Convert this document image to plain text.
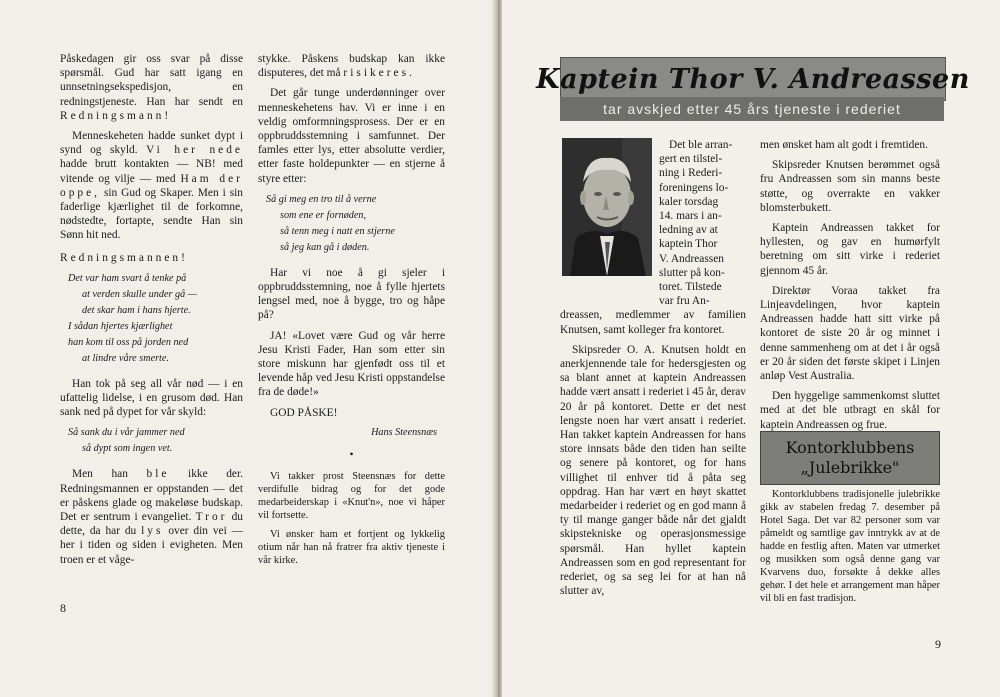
Påskedagen gir oss svar på disse spørsmål. Gud har satt igang en unnsetningsekspedisjon, en redningstjeneste. Han har sendt en Redningsmann!

Menneskeheten hadde sunket dypt i synd og skyld. Vi her nede hadde brutt kontakten — NB! med vitende og vilje — med Ham der oppe, sin Gud og Skaper. Men i sin faderlige kjærlighet til de forkomne, nødstedte, fortapte, sendte Han sin Sønn hit ned.

Redningsmannen!

Det var ham svart å tenke på
at verden skulle under gå —
det skar ham i hans hjerte.
I sådan hjertes kjærlighet
han kom til oss på jorden ned
at lindre våre smerte.

Han tok på seg all vår nød — i en ufattelig lidelse, i en grusom død. Han sank ned på dypet for vår skyld:

Så sank du i vår jammer ned
så dypt som ingen vet.

Men han ble ikke der. Redningsmannen er oppstanden — det er påskens glade og makeløse budskap. Det er sentrum i evangeliet. Tror du dette, da har du lys over din vei — her i tiden og siden i evigheten. Men troen er et våge-

stykke. Påskens budskap kan ikke disputeres, det må risikeres.

Det går tunge underdønninger over menneskehetens hav. Vi er inne i en veldig omformningsprosess. Der er en oppbruddsstemning i samfunnet. Der famles etter lys, etter absolutte verdier, etter faste holdepunkter — en stjerne å styre etter:

Så gi meg en tro til å verne
som ene er fornøden,
så tenn meg i natt en stjerne
så jeg kan gå i døden.

Har vi noe å gi sjeler i oppbruddsstemning, noe å fylle hjertets lengsel med, noe å bygge, tro og håpe på?

JA! «Lovet være Gud og vår herre Jesu Kristi Fader, Han som etter sin store miskunn har gjenfødt oss til et levende håp ved Jesu Kristi oppstandelse fra de døde!»

GOD PÅSKE!

Hans Steensnæs
•

Vi takker prost Steensnæs for dette verdifulle bidrag og for det gode medarbeiderskap i «Knut'n», noe vi håper vil fortsette.

Vi ønsker ham et fortjent og lykkelig otium når han nå fratrer fra aktiv tjeneste i vår kirke.

8
Kaptein Thor V. Andreassen
tar avskjed etter 45 års tjeneste i rederiet
Det ble arran-
gert en tilstel-
ning i Rederi-
foreningens lo-
kaler torsdag
14. mars i an-
ledning av at
kaptein Thor
V. Andreassen
slutter på kon-
toret. Tilstede
var fru An-

dreassen, medlemmer av familien Knutsen, samt kolleger fra kontoret.

Skipsreder O. A. Knutsen holdt en anerkjennende tale for hedersgjesten og sa blant annet at kaptein Andreassen hadde vært ansatt i rederiet i 45 år, derav 20 år på kontoret. Dette er det nest lengste noen har vært ansatt i rederiet. Han takket kaptein Andreassen for hans store innsats både den tiden han seilte og senere på kontoret, og for hans villighet til enhver tid å påta seg oppdrag. Han har vært en høyt skattet medarbeider i rederiet og en god mann å ty til mange ganger både når det gjaldt skipstekniske og operasjonsmessige spørsmål. Han hyllet kaptein Andreassen som en god representant for rederiet, og sa seg lei for at han nå slutter av,

men ønsket ham alt godt i fremtiden.

Skipsreder Knutsen berømmet også fru Andreassen som sin manns beste støtte, og overrakte en vakker blomsterbukett.

Kaptein Andreassen takket for hyllesten, og gav en humørfylt beretning om sitt virke i rederiet gjennom 45 år.

Direktør Voraa takket fra Linjeavdelingen, hvor kaptein Andreassen hadde hatt sitt virke på kontoret de siste 20 år og minnet i denne sammenheng om at det i år også er 20 år siden det første skipet i Linjen anløp Vest Australia.

Den hyggelige sammenkomst sluttet med at det ble utbragt en skål for kaptein Andreassen og frue.

Kontorklubbens
„Julebrikke"

Kontorklubbens tradisjonelle julebrikke gikk av stabelen fredag 7. desember på Hotel Saga. Det var 82 personer som var påmeldt og samtlige gav inntrykk av at de hadde en festlig aften. Maten var utmerket og musikken som også denne gang var Kvarvens duo, forsøkte å dekke alles gehør. I det hele et arrangement man håper vil bli en fast tradisjon.

9
